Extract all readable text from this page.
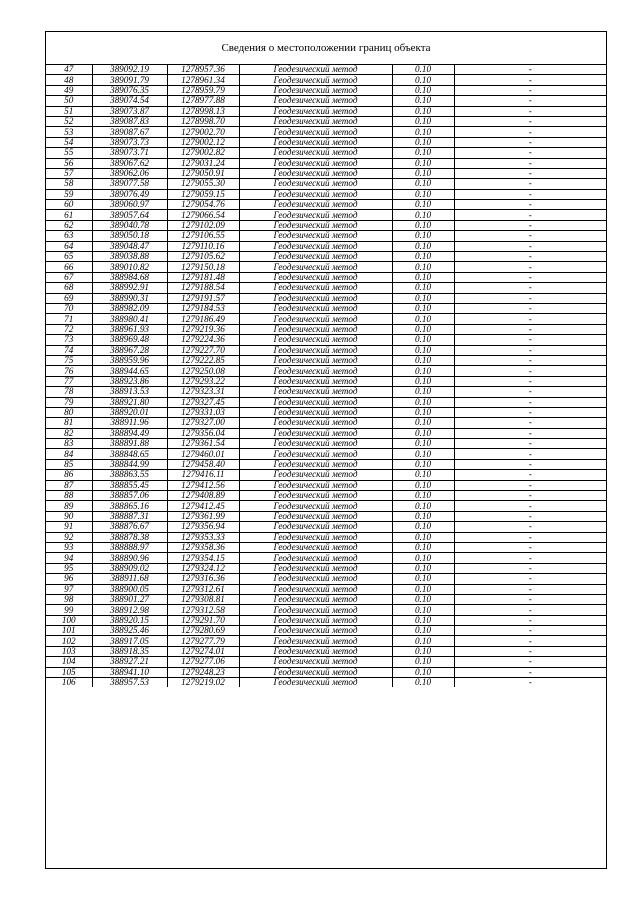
Сведения о местоположении границ объекта
47	389092.19	1278957.36	Геодезический метод	0.10	-
48	389091.79	1278961.34	Геодезический метод	0.10	-
49	389076.35	1278959.79	Геодезический метод	0.10	-
50	389074.54	1278977.88	Геодезический метод	0.10	-
51	389073.87	1278998.13	Геодезический метод	0.10	-
52	389087.83	1278998.70	Геодезический метод	0.10	-
53	389087.67	1279002.70	Геодезический метод	0.10	-
54	389073.73	1279002.12	Геодезический метод	0.10	-
55	389073.71	1279002.82	Геодезический метод	0.10	-
56	389067.62	1279031.24	Геодезический метод	0.10	-
57	389062.06	1279050.91	Геодезический метод	0.10	-
58	389077.58	1279055.30	Геодезический метод	0.10	-
59	389076.49	1279059.15	Геодезический метод	0.10	-
60	389060.97	1279054.76	Геодезический метод	0.10	-
61	389057.64	1279066.54	Геодезический метод	0.10	-
62	389040.78	1279102.09	Геодезический метод	0.10	-
63	389050.18	1279106.55	Геодезический метод	0.10	-
64	389048.47	1279110.16	Геодезический метод	0.10	-
65	389038.88	1279105.62	Геодезический метод	0.10	-
66	389010.82	1279150.18	Геодезический метод	0.10	-
67	388984.68	1279181.48	Геодезический метод	0.10	-
68	388992.91	1279188.54	Геодезический метод	0.10	-
69	388990.31	1279191.57	Геодезический метод	0.10	-
70	388982.09	1279184.53	Геодезический метод	0.10	-
71	388980.41	1279186.49	Геодезический метод	0.10	-
72	388961.93	1279219.36	Геодезический метод	0.10	-
73	388969.48	1279224.36	Геодезический метод	0.10	-
74	388967.28	1279227.70	Геодезический метод	0.10	-
75	388959.96	1279222.85	Геодезический метод	0.10	-
76	388944.65	1279250.08	Геодезический метод	0.10	-
77	388923.86	1279293.22	Геодезический метод	0.10	-
78	388913.53	1279323.31	Геодезический метод	0.10	-
79	388921.80	1279327.45	Геодезический метод	0.10	-
80	388920.01	1279331.03	Геодезический метод	0.10	-
81	388911.96	1279327.00	Геодезический метод	0.10	-
82	388894.49	1279356.04	Геодезический метод	0.10	-
83	388891.88	1279361.54	Геодезический метод	0.10	-
84	388848.65	1279460.01	Геодезический метод	0.10	-
85	388844.99	1279458.40	Геодезический метод	0.10	-
86	388863.55	1279416.11	Геодезический метод	0.10	-
87	388855.45	1279412.56	Геодезический метод	0.10	-
88	388857.06	1279408.89	Геодезический метод	0.10	-
89	388865.16	1279412.45	Геодезический метод	0.10	-
90	388887.31	1279361.99	Геодезический метод	0.10	-
91	388876.67	1279356.94	Геодезический метод	0.10	-
92	388878.38	1279353.33	Геодезический метод	0.10	-
93	388888.97	1279358.36	Геодезический метод	0.10	-
94	388890.96	1279354.15	Геодезический метод	0.10	-
95	388909.02	1279324.12	Геодезический метод	0.10	-
96	388911.68	1279316.36	Геодезический метод	0.10	-
97	388900.05	1279312.61	Геодезический метод	0.10	-
98	388901.27	1279308.81	Геодезический метод	0.10	-
99	388912.98	1279312.58	Геодезический метод	0.10	-
100	388920.15	1279291.70	Геодезический метод	0.10	-
101	388925.46	1279280.69	Геодезический метод	0.10	-
102	388917.05	1279277.79	Геодезический метод	0.10	-
103	388918.35	1279274.01	Геодезический метод	0.10	-
104	388927.21	1279277.06	Геодезический метод	0.10	-
105	388941.10	1279248.23	Геодезический метод	0.10	-
106	388957.53	1279219.02	Геодезический метод	0.10	-
